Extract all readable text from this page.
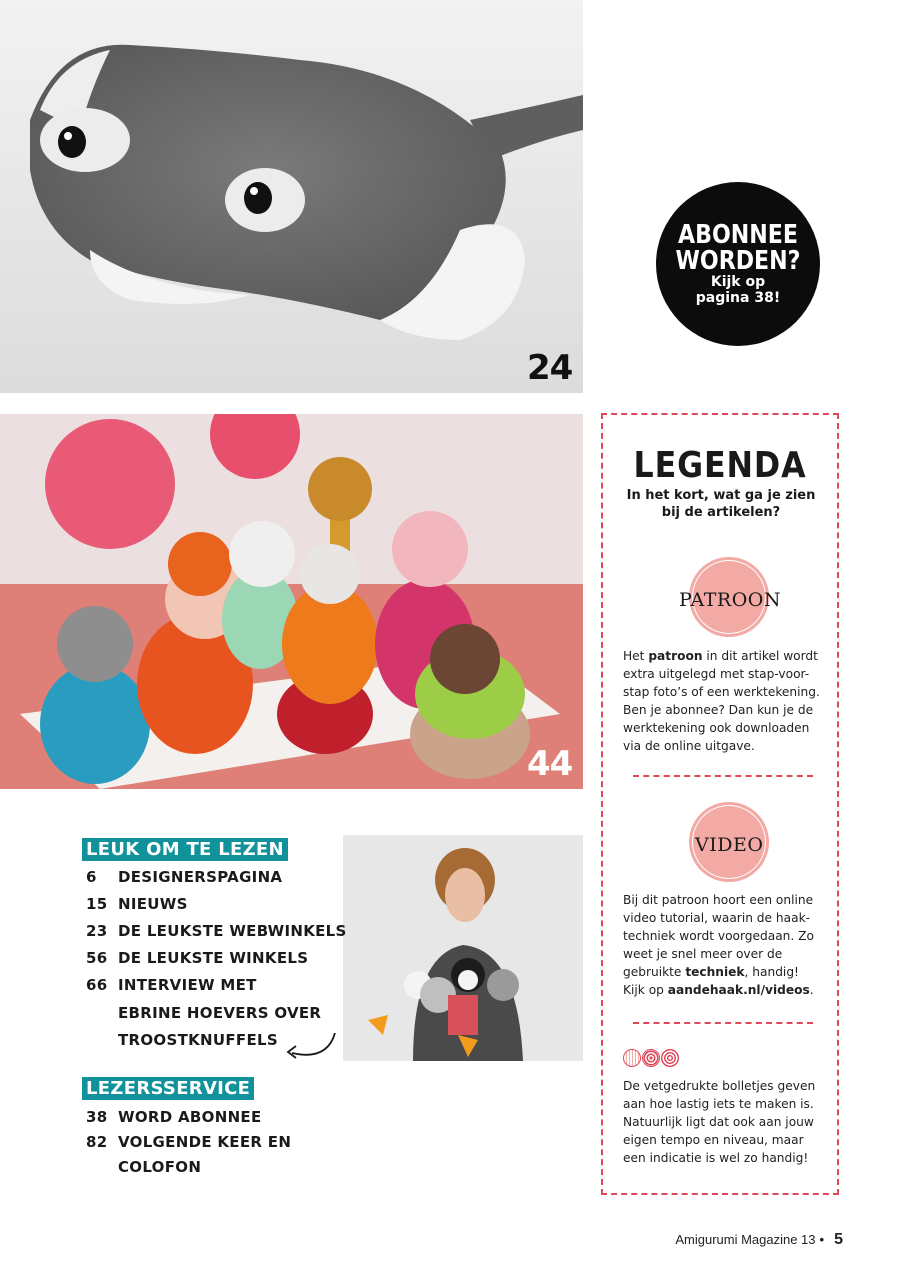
24
ABONNEE
WORDEN?
Kijk op
pagina 38!
44
LEGENDA
In het kort, wat ga je zien bij de artikelen?
PATROON
Het patroon in dit artikel wordt extra uitgelegd met stap-voor-stap foto’s of een werktekening. Ben je abonnee? Dan kun je de werktekening ook downloaden via de online uitgave.
VIDEO
Bij dit patroon hoort een online video tutorial, waarin de haak-techniek wordt voorgedaan. Zo weet je snel meer over de gebruikte techniek, handig! Kijk op aandehaak.nl/videos.
De vetgedrukte bolletjes geven aan hoe lastig iets te maken is. Natuurlijk ligt dat ook aan jouw eigen tempo en niveau, maar een indicatie is wel zo handig!
LEUK OM TE LEZEN
6 DESIGNERSPAGINA
15 NIEUWS
23 DE LEUKSTE WEBWINKELS
56 DE LEUKSTE WINKELS
66 INTERVIEW MET
EBRINE HOEVERS OVER
TROOSTKNUFFELS
LEZERSSERVICE
38 WORD ABONNEE
82 VOLGENDE KEER EN
COLOFON
Amigurumi Magazine 13 • 5
